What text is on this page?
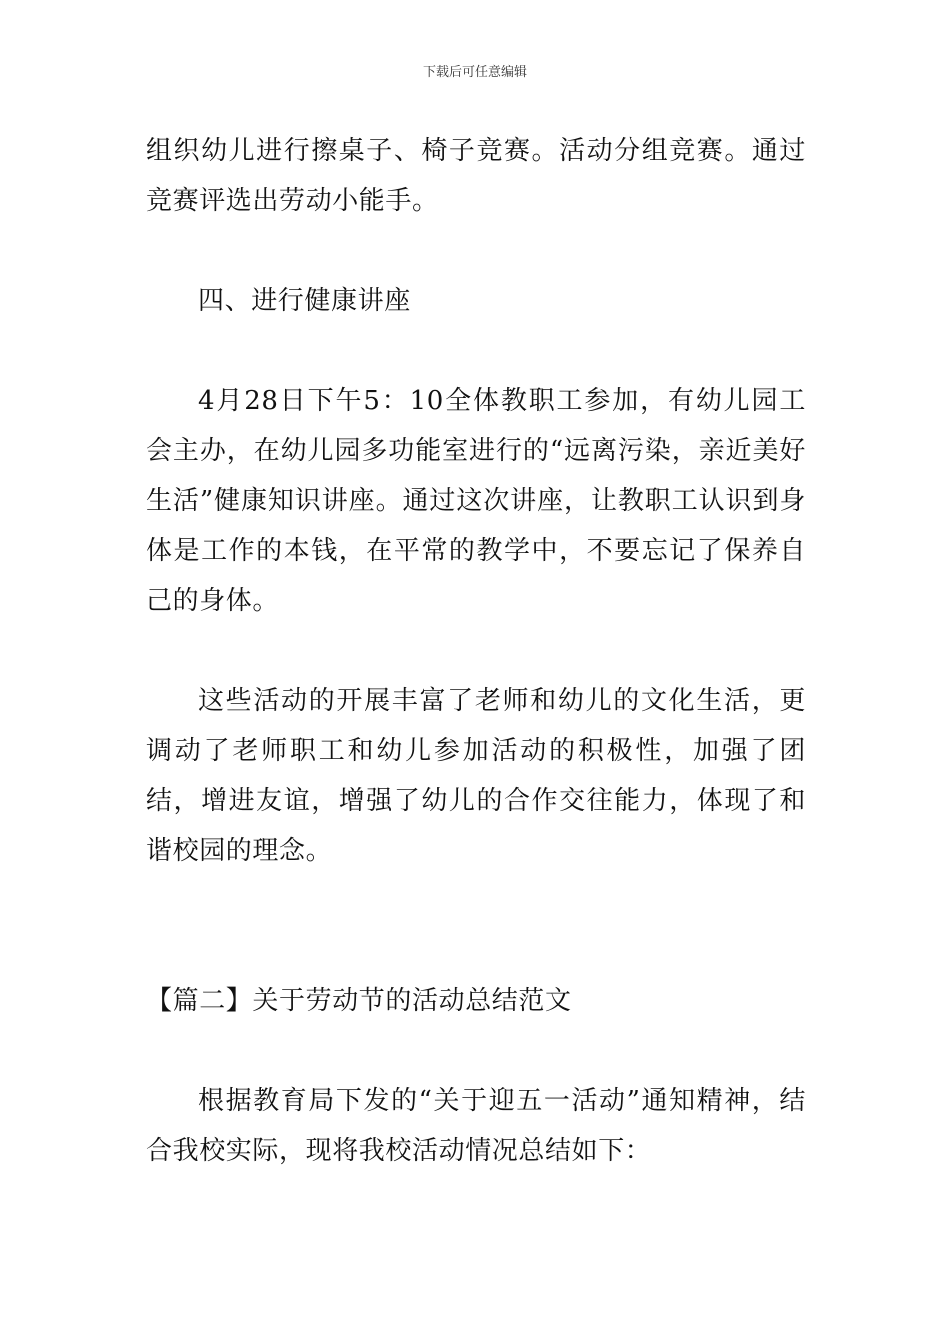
下载后可任意编辑

组织幼儿进行擦桌子、椅子竞赛。活动分组竞赛。通过竞赛评选出劳动小能手。

四、进行健康讲座

4月28日下午5：10全体教职工参加，有幼儿园工会主办，在幼儿园多功能室进行的“远离污染，亲近美好生活”健康知识讲座。通过这次讲座，让教职工认识到身体是工作的本钱，在平常的教学中，不要忘记了保养自己的身体。

这些活动的开展丰富了老师和幼儿的文化生活，更调动了老师职工和幼儿参加活动的积极性，加强了团结，增进友谊，增强了幼儿的合作交往能力，体现了和谐校园的理念。

【篇二】关于劳动节的活动总结范文

根据教育局下发的“关于迎五一活动”通知精神，结合我校实际，现将我校活动情况总结如下：
